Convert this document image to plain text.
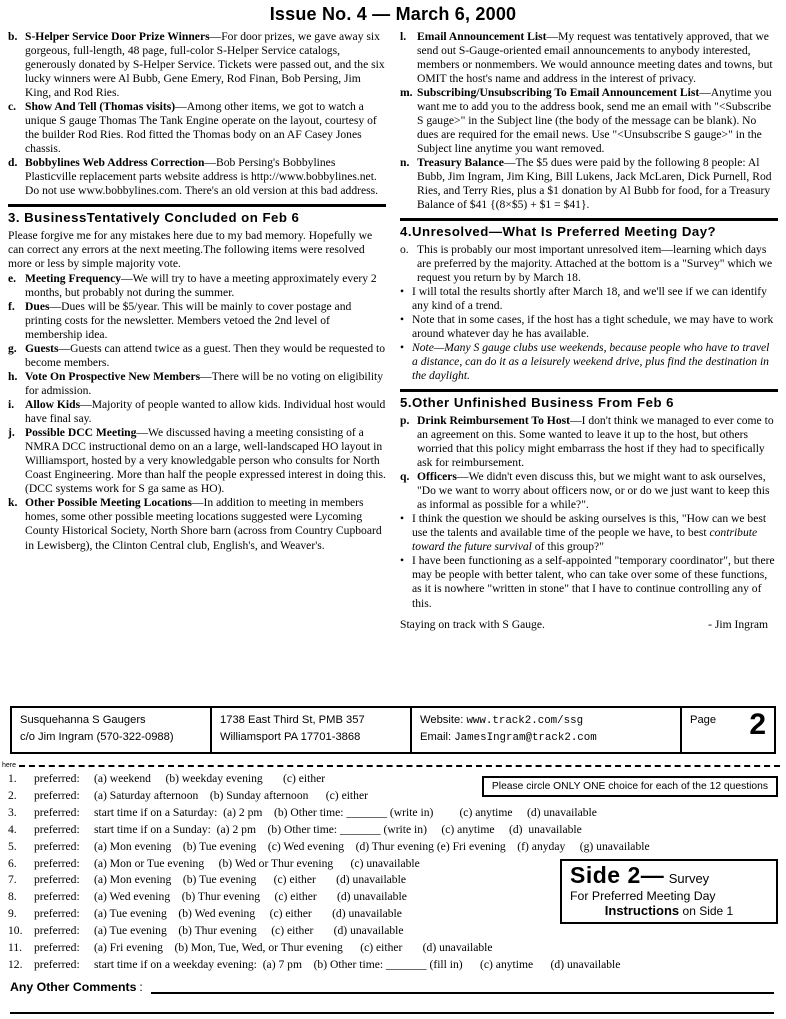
Issue No. 4 — March 6, 2000
b. S-Helper Service Door Prize Winners—For door prizes, we gave away six gorgeous, full-length, 48 page, full-color S-Helper Service catalogs, generously donated by S-Helper Service. Tickets were passed out, and the six lucky winners were Al Bubb, Gene Emery, Rod Finan, Bob Persing, Jim King, and Rod Ries.
c. Show And Tell (Thomas visits)—Among other items, we got to watch a unique S gauge Thomas The Tank Engine operate on the layout, courtesy of the builder Rod Ries. Rod fitted the Thomas body on an AF Casey Jones chassis.
d. Bobbylines Web Address Correction—Bob Persing's Bobbylines Plasticville replacement parts website address is http://www.bobbylines.net. Do not use www.bobbylines.com. There's an old version at this bad address.
3. BusinessTentatively Concluded on Feb 6
Please forgive me for any mistakes here due to my bad memory. Hopefully we can correct any errors at the next meeting.The following items were resolved more or less by simple majority vote.
e. Meeting Frequency—We will try to have a meeting approximately every 2 months, but probably not during the summer.
f. Dues—Dues will be $5/year. This will be mainly to cover postage and printing costs for the newsletter. Members vetoed the 2nd level of membership idea.
g. Guests—Guests can attend twice as a guest. Then they would be requested to become members.
h. Vote On Prospective New Members—There will be no voting on eligibility for admission.
i. Allow Kids—Majority of people wanted to allow kids. Individual host would have final say.
j. Possible DCC Meeting—We discussed having a meeting consisting of a NMRA DCC instructional demo on an a large, well-landscaped HO layout in Williamsport, hosted by a very knowledgable person who consults for North Coast Engineering. More than half the people expressed interest in doing this. (DCC systems work for S ga same as HO).
k. Other Possible Meeting Locations—In addition to meeting in members homes, some other possible meeting locations suggested were Lycoming County Historical Society, North Shore barn (across from Country Cupboard in Lewisberg), the Clinton Central club, English's, and Weaver's.
l. Email Announcement List—My request was tentatively approved, that we send out S-Gauge-oriented email announcements to anybody interested, members or nonmembers. We would announce meeting dates and towns, but OMIT the host's name and address in the interest of privacy.
m. Subscribing/Unsubscribing To Email Announcement List—Anytime you want me to add you to the address book, send me an email with "<Subscribe S gauge>" in the Subject line (the body of the message can be blank). No dues are required for the email news. Use "<Unsubscribe S gauge>" in the Subject line anytime you want removed.
n. Treasury Balance—The $5 dues were paid by the following 8 people: Al Bubb, Jim Ingram, Jim King, Bill Lukens, Jack McLaren, Dick Purnell, Rod Ries, and Terry Ries, plus a $1 donation by Al Bubb for food, for a Treasury Balance of $41 {(8×$5) + $1 = $41}.
4.Unresolved—What Is Preferred Meeting Day?
o. This is probably our most important unresolved item—learning which days are preferred by the majority. Attached at the bottom is a "Survey" which we request you return by by March 18.
• I will total the results shortly after March 18, and we'll see if we can identify any kind of a trend.
• Note that in some cases, if the host has a tight schedule, we may have to work around whatever day he has available.
• Note—Many S gauge clubs use weekends, because people who have to travel a distance, can do it as a leisurely weekend drive, plus find the destination in the daylight.
5.Other Unfinished Business From Feb 6
p. Drink Reimbursement To Host—I don't think we managed to ever come to an agreement on this. Some wanted to leave it up to the host, but others worried that this policy might embarrass the host if they had to specifically ask for reimbursement.
q. Officers—We didn't even discuss this, but we might want to ask ourselves, "Do we want to worry about officers now, or or do we just want to keep this as informal as possible for a while?".
• I think the question we should be asking ourselves is this, "How can we best use the talents and available time of the people we have, to best contribute toward the future survival of this group?"
• I have been functioning as a self-appointed "temporary coordinator", but there may be people with better talent, who can take over some of these functions, as it is nowhere "written in stone" that I have to continue controlling any of this.
Staying on track with S Gauge.	- Jim Ingram
Susquehanna S Gaugers
c/o Jim Ingram (570-322-0988)
1738 East Third St, PMB 357
Williamsport PA 17701-3868
Website: www.track2.com/ssg
Email: JamesIngram@track2.com
Page 2
here
1.	preferred:	(a) weekend     (b) weekday evening       (c) either
2.	preferred:	(a) Saturday afternoon    (b) Sunday afternoon      (c) either
3.	preferred:	start time if on a Saturday:  (a) 2 pm    (b) Other time: _______ (write in)         (c) anytime     (d) unavailable
4.	preferred:	start time if on a Sunday:  (a) 2 pm    (b) Other time: _______ (write in)     (c) anytime     (d)  unavailable
5.	preferred:	(a) Mon evening    (b) Tue evening    (c) Wed evening    (d) Thur evening (e) Fri evening    (f) anyday     (g) unavailable
6.	preferred:	(a) Mon or Tue evening     (b) Wed or Thur evening      (c) unavailable
7.	preferred:	(a) Mon evening    (b) Tue evening      (c) either       (d) unavailable
8.	preferred:	(a) Wed evening    (b) Thur evening     (c) either       (d) unavailable
9.	preferred:	(a) Tue evening    (b) Wed evening     (c) either       (d) unavailable
10. preferred:	(a) Tue evening    (b) Thur evening     (c) either       (d) unavailable
11.	preferred:	(a) Fri evening    (b) Mon, Tue, Wed, or Thur evening      (c) either       (d) unavailable
12. preferred:	start time if on a weekday evening:  (a) 7 pm    (b) Other time: _______ (fill in)      (c) anytime      (d) unavailable
Please circle ONLY ONE choice for each of the 12 questions
Side 2— Survey
For Preferred Meeting Day
Instructions on Side 1
Any Other Comments :
